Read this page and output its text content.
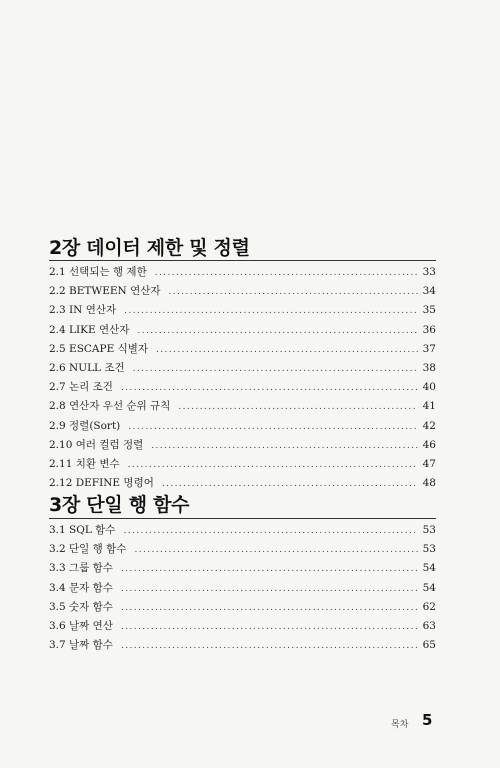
2장 데이터 제한 및 정렬
2.1 선택되는 행 제한 .....	33
2.2 BETWEEN 연산자 .....	34
2.3 IN 연산자 .....	35
2.4 LIKE 연산자 .....	36
2.5 ESCAPE 식별자 .....	37
2.6 NULL 조건 .....	38
2.7 논리 조건 .....	40
2.8 연산자 우선 순위 규칙 .....	41
2.9 정렬(Sort) .....	42
2.10 여러 컬럼 정렬 .....	46
2.11 치환 변수 .....	47
2.12 DEFINE 명령어 .....	48
3장 단일 행 함수
3.1 SQL 함수 .....	53
3.2 단일 행 함수 .....	53
3.3 그룹 함수 .....	54
3.4 문자 함수 .....	54
3.5 숫자 함수 .....	62
3.6 날짜 연산 .....	63
3.7 날짜 함수 .....	65
목차 5
